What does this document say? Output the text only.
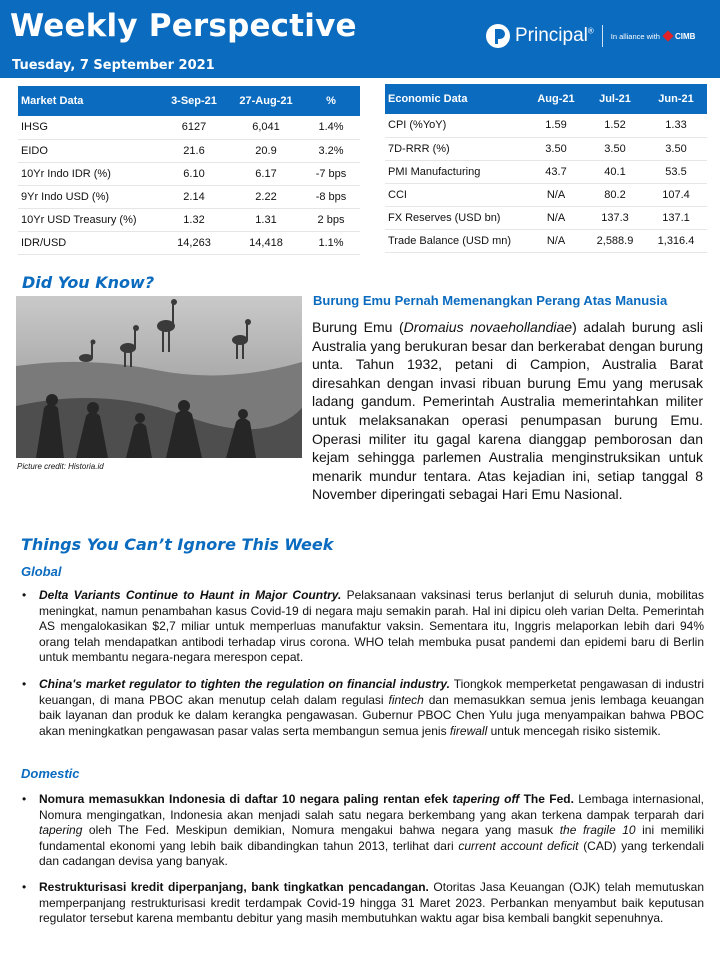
Weekly Perspective
Tuesday, 7 September 2021
Principal®
In alliance with CIMB
Market Data	3-Sep-21	27-Aug-21	%
IHSG	6127	6,041	1.4%
EIDO	21.6	20.9	3.2%
10Yr Indo IDR (%)	6.10	6.17	-7 bps
9Yr Indo USD (%)	2.14	2.22	-8 bps
10Yr USD Treasury (%)	1.32	1.31	2 bps
IDR/USD	14,263	14,418	1.1%
Economic Data	Aug-21	Jul-21	Jun-21
CPI (%YoY)	1.59	1.52	1.33
7D-RRR (%)	3.50	3.50	3.50
PMI Manufacturing	43.7	40.1	53.5
CCI	N/A	80.2	107.4
FX Reserves (USD bn)	N/A	137.3	137.1
Trade Balance (USD mn)	N/A	2,588.9	1,316.4
Did You Know?
Picture credit: Historia.id
Burung Emu Pernah Memenangkan Perang Atas Manusia
Burung Emu (Dromaius novaehollandiae) adalah burung asli Australia yang berukuran besar dan berkerabat dengan burung unta. Tahun 1932, petani di Campion, Australia Barat diresahkan dengan invasi ribuan burung Emu yang merusak ladang gandum. Pemerintah Australia memerintahkan militer untuk melaksanakan operasi penumpasan burung Emu. Operasi militer itu gagal karena dianggap pemborosan dan kejam sehingga parlemen Australia menginstruksikan untuk menarik mundur tentara. Atas kejadian ini, setiap tanggal 8 November diperingati sebagai Hari Emu Nasional.
Things You Can’t Ignore This Week
Global
• Delta Variants Continue to Haunt in Major Country. Pelaksanaan vaksinasi terus berlanjut di seluruh dunia, mobilitas meningkat, namun penambahan kasus Covid-19 di negara maju semakin parah. Hal ini dipicu oleh varian Delta. Pemerintah AS mengalokasikan $2,7 miliar untuk memperluas manufaktur vaksin. Sementara itu, Inggris melaporkan lebih dari 94% orang telah mendapatkan antibodi terhadap virus corona. WHO telah membuka pusat pandemi dan epidemi baru di Berlin untuk membantu negara-negara merespon cepat.
• China's market regulator to tighten the regulation on financial industry. Tiongkok memperketat pengawasan di industri keuangan, di mana PBOC akan menutup celah dalam regulasi fintech dan memasukkan semua jenis lembaga keuangan baik layanan dan produk ke dalam kerangka pengawasan. Gubernur PBOC Chen Yulu juga menyampaikan bahwa PBOC akan meningkatkan pengawasan pasar valas serta membangun semua jenis firewall untuk mencegah risiko sistemik.
Domestic
• Nomura memasukkan Indonesia di daftar 10 negara paling rentan efek tapering off The Fed. Lembaga internasional, Nomura mengingatkan, Indonesia akan menjadi salah satu negara berkembang yang akan terkena dampak terparah dari tapering oleh The Fed. Meskipun demikian, Nomura mengakui bahwa negara yang masuk the fragile 10 ini memiliki fundamental ekonomi yang lebih baik dibandingkan tahun 2013, terlihat dari current account deficit (CAD) yang terkendali dan cadangan devisa yang banyak.
• Restrukturisasi kredit diperpanjang, bank tingkatkan pencadangan. Otoritas Jasa Keuangan (OJK) telah memutuskan memperpanjang restrukturisasi kredit terdampak Covid-19 hingga 31 Maret 2023. Perbankan menyambut baik keputusan regulator tersebut karena membantu debitur yang masih membutuhkan waktu agar bisa kembali bangkit sepenuhnya.
